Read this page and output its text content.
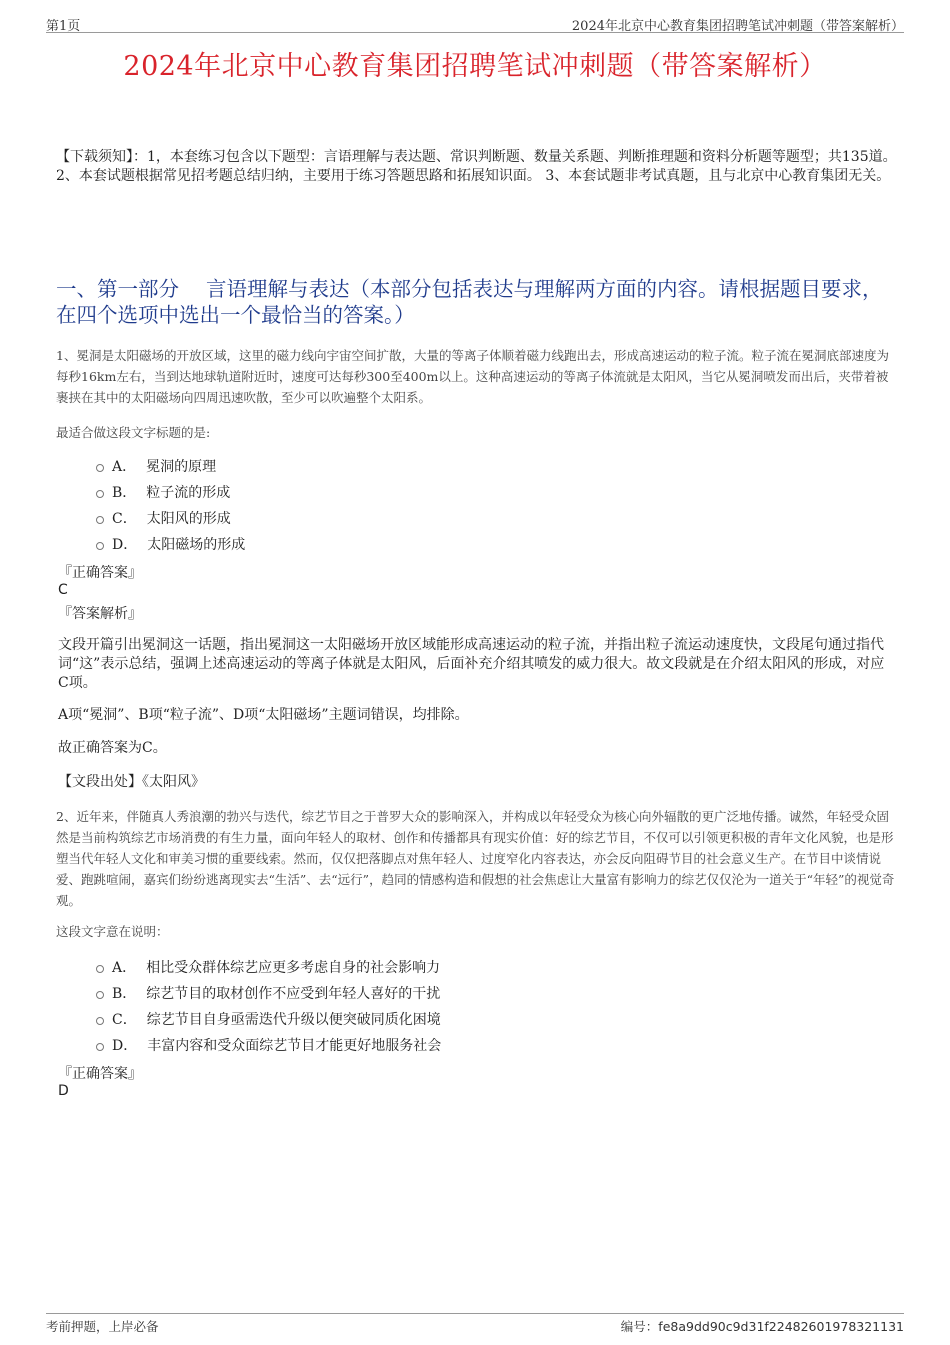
第1页	2024年北京中心教育集团招聘笔试冲刺题（带答案解析）
2024年北京中心教育集团招聘笔试冲刺题（带答案解析）
【下载须知】：1，本套练习包含以下题型：言语理解与表达题、常识判断题、数量关系题、判断推理题和资料分析题等题型；共135道。 2、本套试题根据常见招考题总结归纳，主要用于练习答题思路和拓展知识面。 3、本套试题非考试真题，且与北京中心教育集团无关。
一、第一部分　 言语理解与表达（本部分包括表达与理解两方面的内容。请根据题目要求，在四个选项中选出一个最恰当的答案。）
1、冕洞是太阳磁场的开放区域，这里的磁力线向宇宙空间扩散，大量的等离子体顺着磁力线跑出去，形成高速运动的粒子流。粒子流在冕洞底部速度为每秒16km左右，当到达地球轨道附近时，速度可达每秒300至400m以上。这种高速运动的等离子体流就是太阳风，当它从冕洞喷发而出后，夹带着被裹挟在其中的太阳磁场向四周迅速吹散，至少可以吹遍整个太阳系。
最适合做这段文字标题的是:
A． 冕洞的原理
B． 粒子流的形成
C． 太阳风的形成
D． 太阳磁场的形成
『正确答案』
C
『答案解析』
文段开篇引出冕洞这一话题，指出冕洞这一太阳磁场开放区域能形成高速运动的粒子流，并指出粒子流运动速度快，文段尾句通过指代词“这”表示总结，强调上述高速运动的等离子体就是太阳风，后面补充介绍其喷发的威力很大。故文段就是在介绍太阳风的形成，对应C项。
A项“冕洞”、B项“粒子流”、D项“太阳磁场”主题词错误，均排除。
故正确答案为C。
【文段出处】《太阳风》
2、近年来，伴随真人秀浪潮的勃兴与迭代，综艺节目之于普罗大众的影响深入，并构成以年轻受众为核心向外辐散的更广泛地传播。诚然，年轻受众固然是当前构筑综艺市场消费的有生力量，面向年轻人的取材、创作和传播都具有现实价值：好的综艺节目，不仅可以引领更积极的青年文化风貌，也是形塑当代年轻人文化和审美习惯的重要线索。然而，仅仅把落脚点对焦年轻人、过度窄化内容表达，亦会反向阻碍节目的社会意义生产。在节目中谈情说爱、跑跳喧闹，嘉宾们纷纷逃离现实去“生活”、去“远行”，趋同的情感构造和假想的社会焦虑让大量富有影响力的综艺仅仅沦为一道关于“年轻”的视觉奇观。
这段文字意在说明：
A． 相比受众群体综艺应更多考虑自身的社会影响力
B． 综艺节目的取材创作不应受到年轻人喜好的干扰
C． 综艺节目自身亟需迭代升级以便突破同质化困境
D． 丰富内容和受众面综艺节目才能更好地服务社会
『正确答案』
D
考前押题，上岸必备	编号：fe8a9dd90c9d31f22482601978321131
